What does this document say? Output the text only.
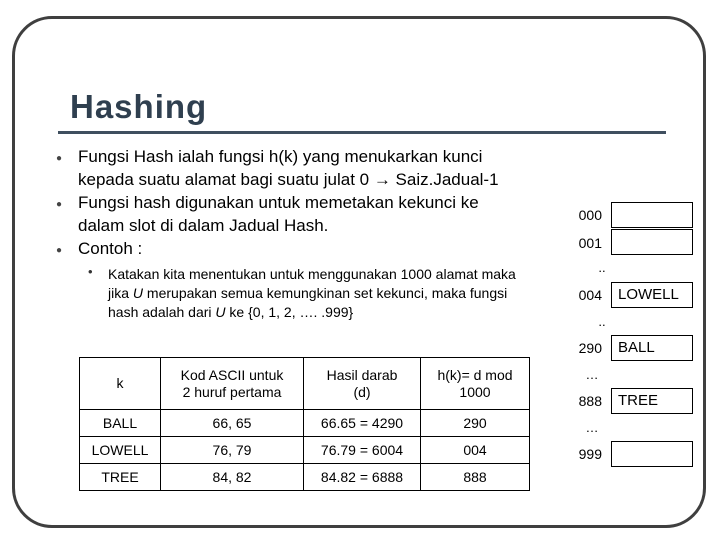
Hashing
● Fungsi Hash ialah fungsi h(k) yang menukarkan kunci kepada suatu alamat bagi suatu julat 0 → Saiz.Jadual-1
● Fungsi hash digunakan untuk memetakan kekunci ke dalam slot di dalam Jadual Hash.
● Contoh :
• Katakan kita menentukan untuk menggunakan 1000 alamat maka jika U merupakan semua kemungkinan set kekunci, maka fungsi hash adalah dari U ke {0, 1, 2, …. .999}
k	Kod ASCII untuk 2 huruf pertama	Hasil darab (d)	h(k)= d mod 1000

BALL	66, 65	66.65 = 4290	290
LOWELL	76, 79	76.79 = 6004	004
TREE	84, 82	84.82 = 6888	888
000
001
..
004	LOWELL
..
290	BALL
…
888	TREE
…
999
